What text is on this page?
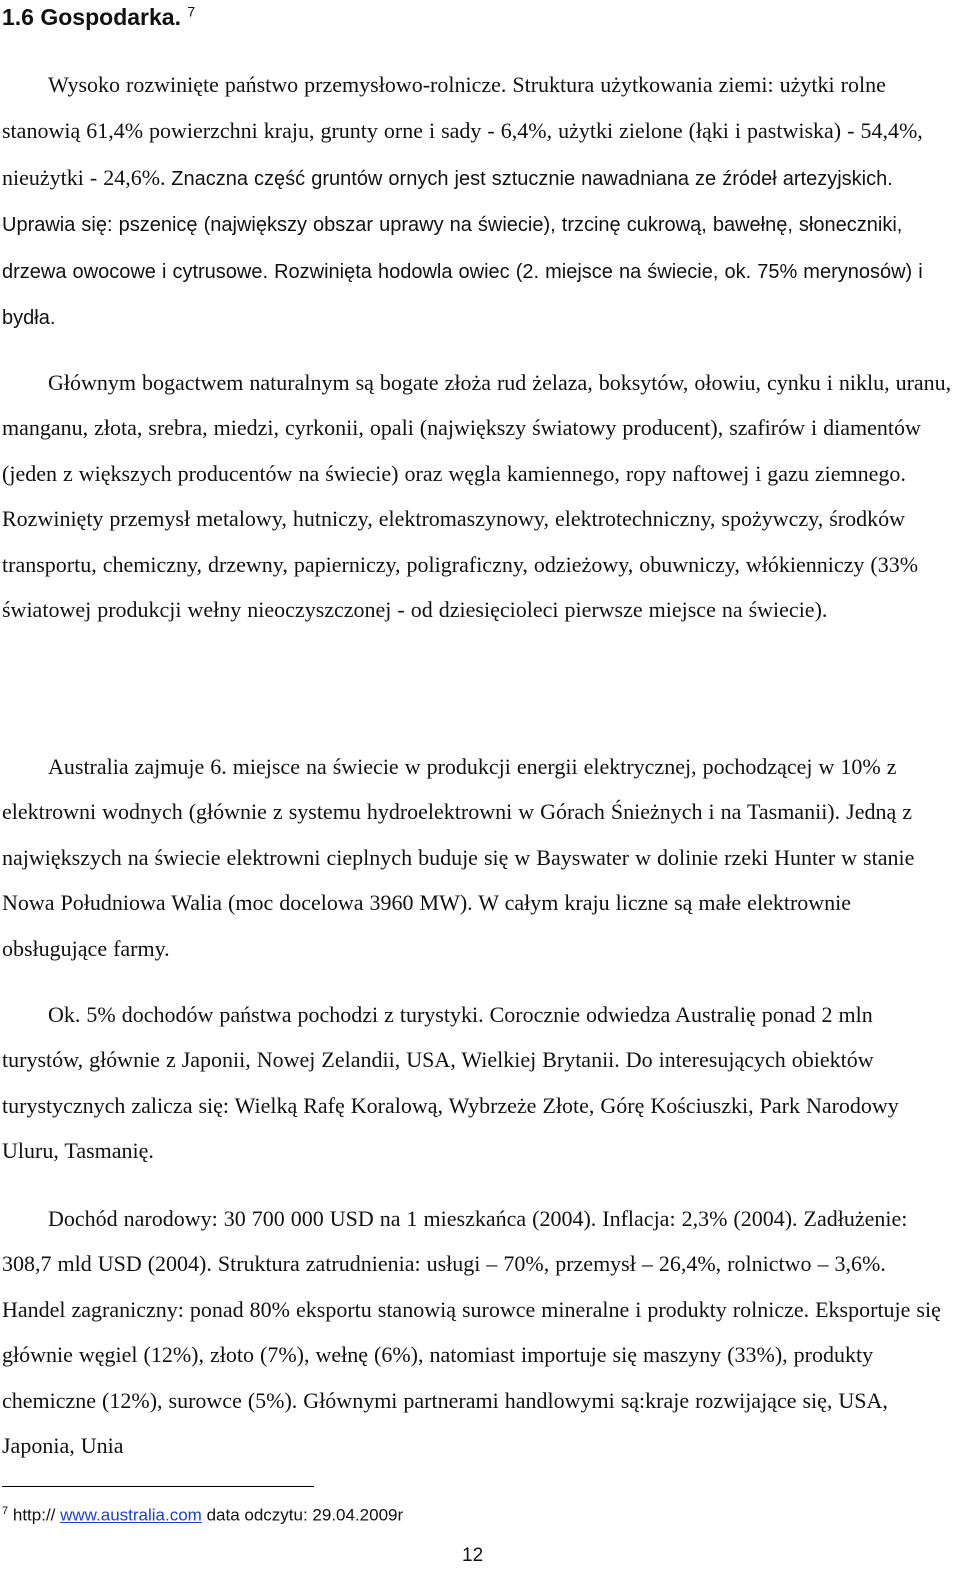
1.6 Gospodarka. $^7$

Wysoko rozwinięte państwo przemysłowo-rolnicze. Struktura użytkowania ziemi: użytki rolne stanowią 61,4% powierzchni kraju, grunty orne i sady - 6,4%, użytki zielone (łąki i pastwiska) - 54,4%, nieużytki - 24,6%. Znaczna część gruntów ornych jest sztucznie nawadniana ze źródeł artezyjskich. Uprawia się: pszenicę (największy obszar uprawy na świecie), trzcinę cukrową, bawełnę, słoneczniki, drzewa owocowe i cytrusowe. Rozwinięta hodowla owiec (2. miejsce na świecie, ok. 75% merynosów) i bydła.

Głównym bogactwem naturalnym są bogate złoża rud żelaza, boksytów, ołowiu, cynku i niklu, uranu, manganu, złota, srebra, miedzi, cyrkonii, opali (największy światowy producent), szafirów i diamentów (jeden z większych producentów na świecie) oraz węgla kamiennego, ropy naftowej i gazu ziemnego. Rozwinięty przemysł metalowy, hutniczy, elektromaszynowy, elektrotechniczny, spożywczy, środków transportu, chemiczny, drzewny, papierniczy, poligraficzny, odzieżowy, obuwniczy, włókienniczy (33% światowej produkcji wełny nieoczyszczonej - od dziesięcioleci pierwsze miejsce na świecie).

Australia zajmuje 6. miejsce na świecie w produkcji energii elektrycznej, pochodzącej w 10% z elektrowni wodnych (głównie z systemu hydroelektrowni w Górach Śnieżnych i na Tasmanii). Jedną z największych na świecie elektrowni cieplnych buduje się w Bayswater w dolinie rzeki Hunter w stanie Nowa Południowa Walia (moc docelowa 3960 MW). W całym kraju liczne są małe elektrownie obsługujące farmy.

Ok. 5% dochodów państwa pochodzi z turystyki. Corocznie odwiedza Australię ponad 2 mln turystów, głównie z Japonii, Nowej Zelandii, USA, Wielkiej Brytanii. Do interesujących obiektów turystycznych zalicza się: Wielką Rafę Koralową, Wybrzeże Złote, Górę Kościuszki, Park Narodowy Uluru, Tasmanię.

Dochód narodowy: 30 700 000 USD na 1 mieszkańca (2004). Inflacja: 2,3% (2004). Zadłużenie: 308,7 mld USD (2004). Struktura zatrudnienia: usługi – 70%, przemysł – 26,4%, rolnictwo – 3,6%. Handel zagraniczny: ponad 80% eksportu stanowią surowce mineralne i produkty rolnicze. Eksportuje się głównie węgiel (12%), złoto (7%), wełnę (6%), natomiast importuje się maszyny (33%), produkty chemiczne (12%), surowce (5%). Głównymi partnerami handlowymi są:kraje rozwijające się, USA, Japonia, Unia

$^7$ http:// www.australia.com data odczytu: 29.04.2009r

12
